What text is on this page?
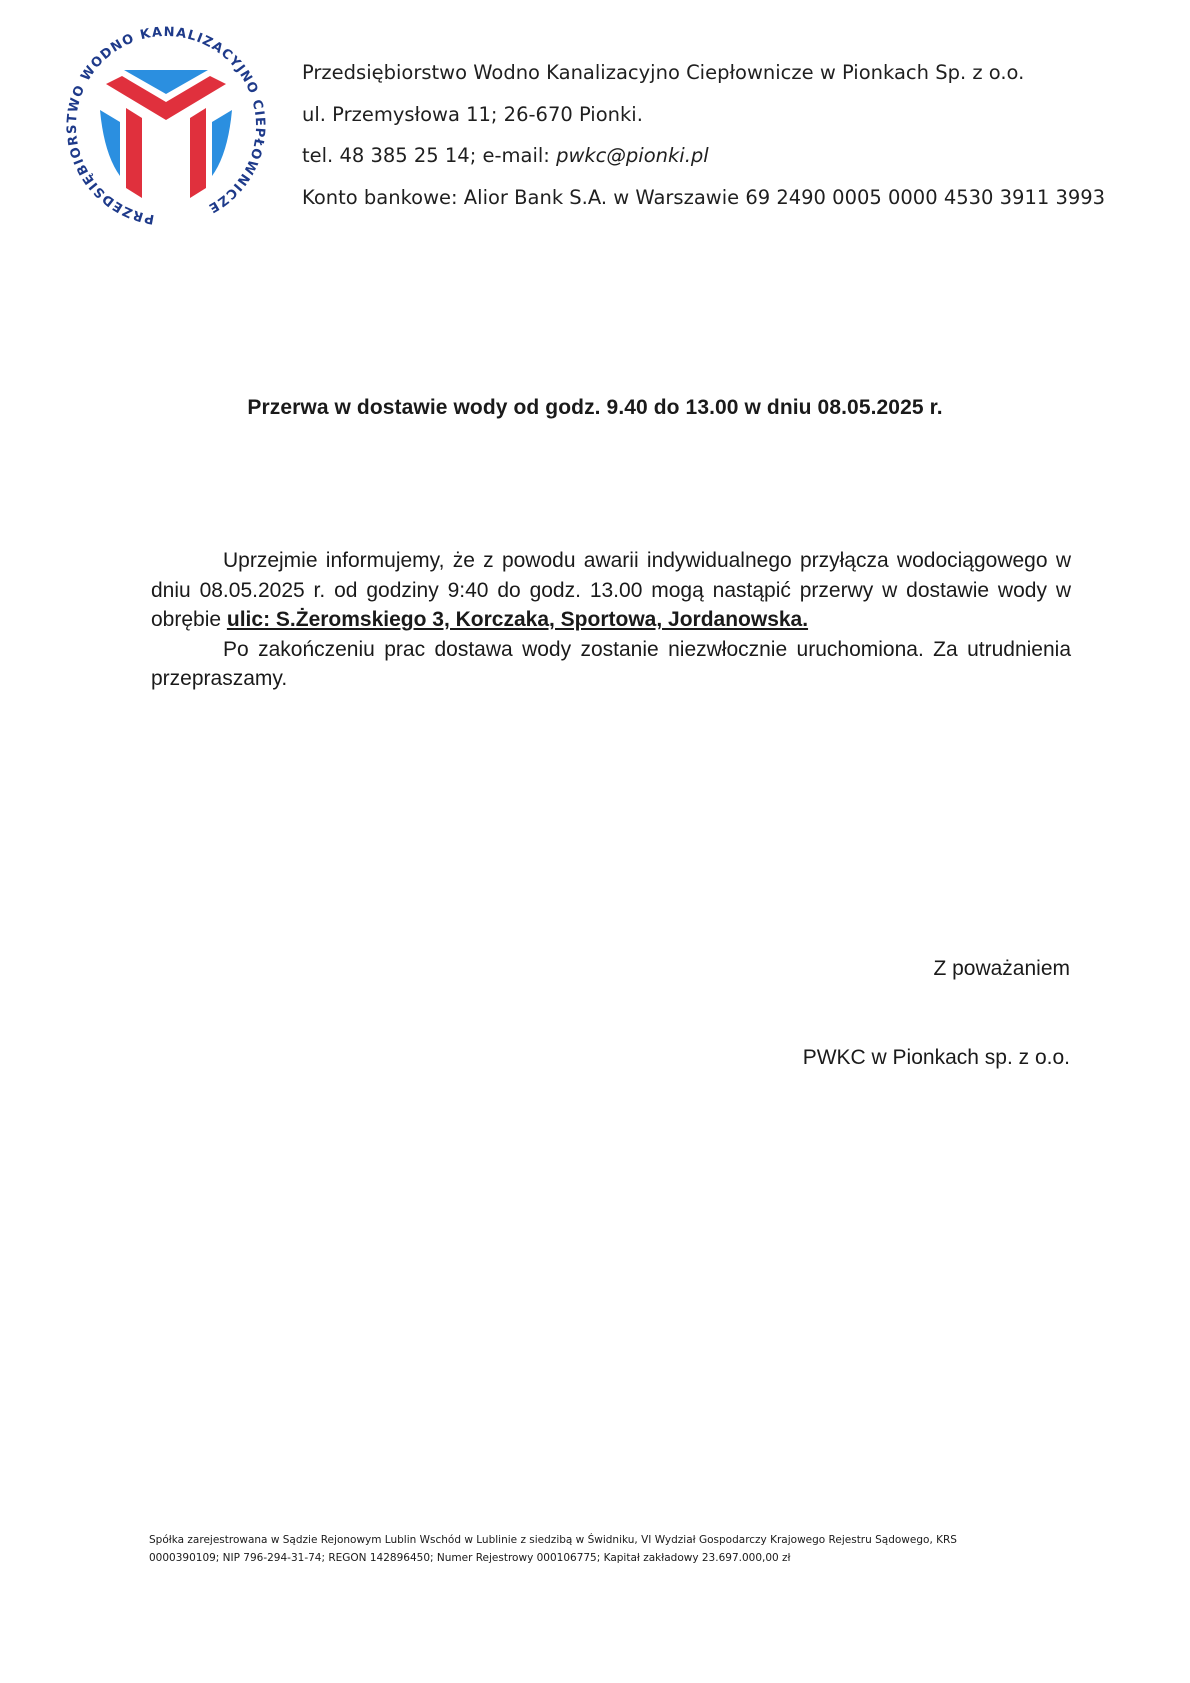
PRZEDSIĘBIORSTWO WODNO KANALIZACYJNO CIEPŁOWNICZE
Przedsiębiorstwo Wodno Kanalizacyjno Ciepłownicze w Pionkach Sp. z o.o.
ul. Przemysłowa 11; 26-670 Pionki.
tel. 48 385 25 14; e-mail: pwkc@pionki.pl
Konto bankowe: Alior Bank S.A. w Warszawie 69 2490 0005 0000 4530 3911 3993
Przerwa w dostawie wody od godz. 9.40 do 13.00 w dniu 08.05.2025 r.

Uprzejmie informujemy, że z powodu awarii indywidualnego przyłącza wodociągowego w dniu 08.05.2025 r. od godziny 9:40 do godz. 13.00 mogą nastąpić przerwy w dostawie wody w obrębie ulic: S.Żeromskiego 3, Korczaka, Sportowa, Jordanowska.

Po zakończeniu prac dostawa wody zostanie niezwłocznie uruchomiona. Za utrudnienia przepraszamy.

Z poważaniem
PWKC w Pionkach sp. z o.o.
Spółka zarejestrowana w Sądzie Rejonowym Lublin Wschód w Lublinie z siedzibą w Świdniku, VI Wydział Gospodarczy Krajowego Rejestru Sądowego, KRS
0000390109; NIP 796-294-31-74; REGON 142896450; Numer Rejestrowy 000106775; Kapitał zakładowy 23.697.000,00 zł
